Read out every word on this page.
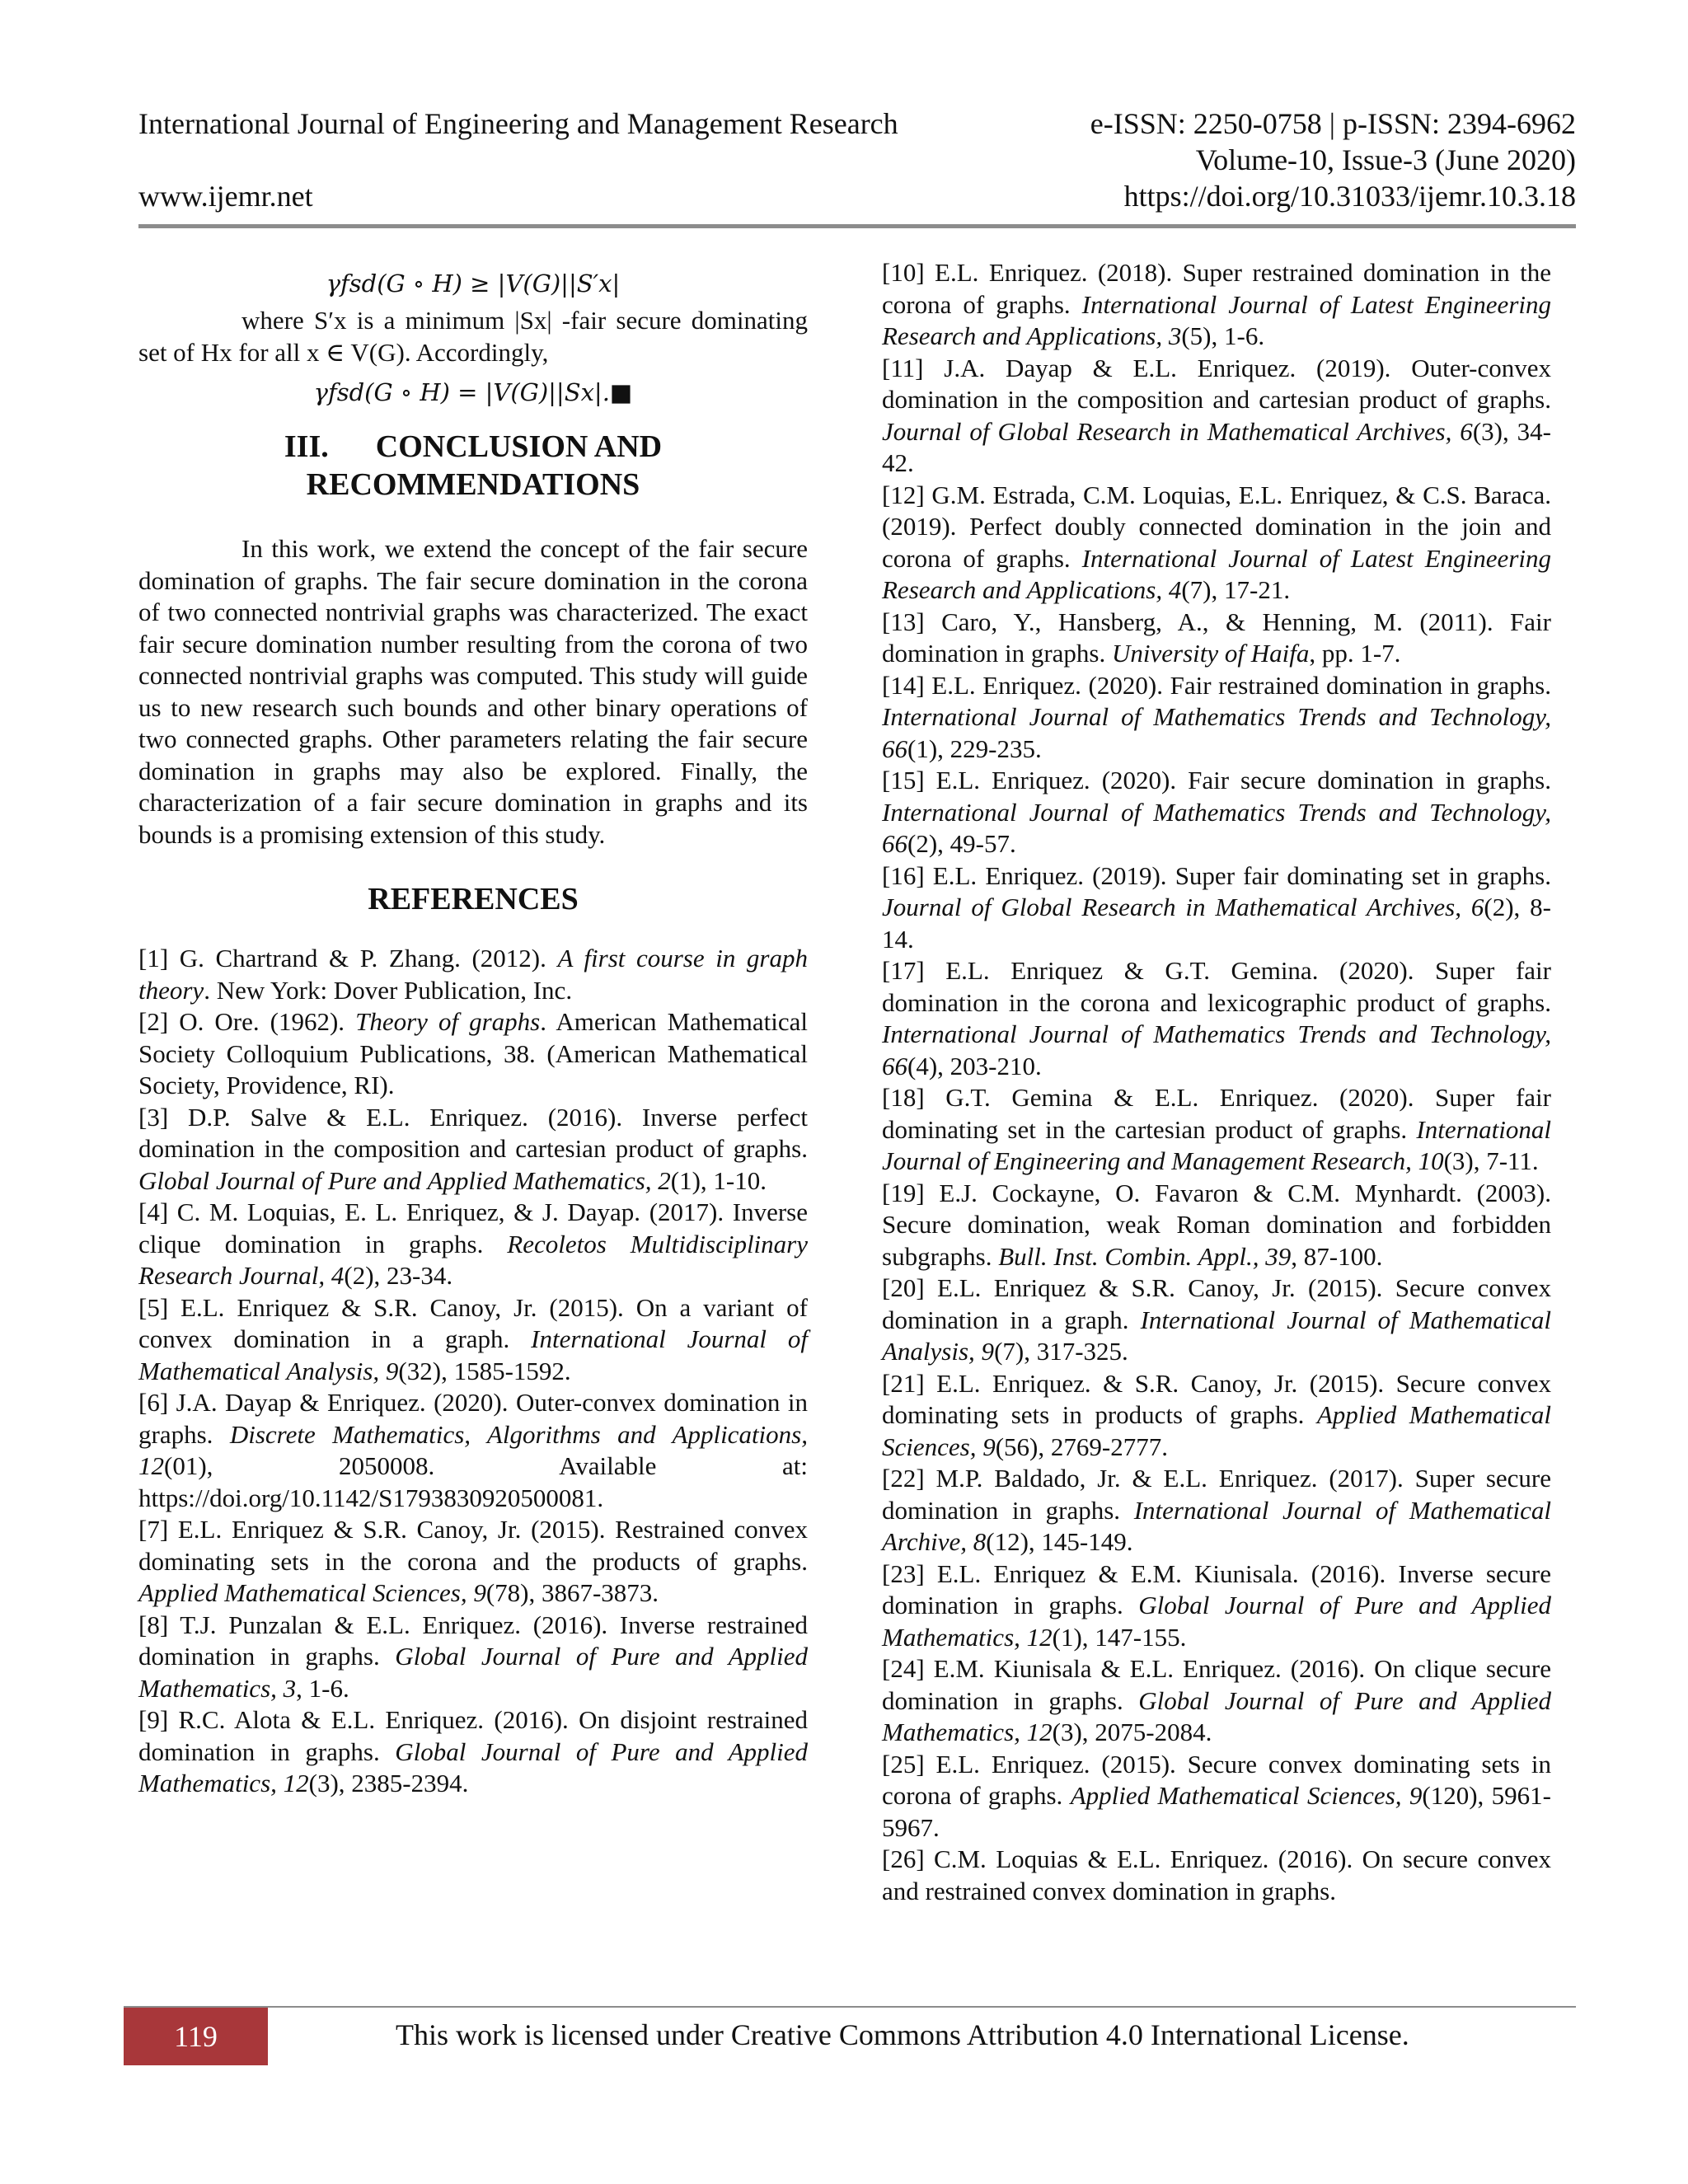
International Journal of Engineering and Management Research	e-ISSN: 2250-0758 | p-ISSN: 2394-6962
Volume-10, Issue-3 (June 2020)
www.ijemr.net	https://doi.org/10.31033/ijemr.10.3.18

γfsd(G ∘ H) ≥ |V(G)||S′x|

where S′x is a minimum |Sx| -fair secure dominating set of Hx for all x ∈ V(G). Accordingly,

γfsd(G ∘ H) = |V(G)||Sx|.■

III.      CONCLUSION AND
RECOMMENDATIONS

In this work, we extend the concept of the fair secure domination of graphs. The fair secure domination in the corona of two connected nontrivial graphs was characterized. The exact fair secure domination number resulting from the corona of two connected nontrivial graphs was computed. This study will guide us to new research such bounds and other binary operations of two connected graphs. Other parameters relating the fair secure domination in graphs may also be explored. Finally, the characterization of a fair secure domination in graphs and its bounds is a promising extension of this study.

REFERENCES

[1] G. Chartrand & P. Zhang. (2012). A first course in graph theory. New York: Dover Publication, Inc.

[2] O. Ore. (1962). Theory of graphs. American Mathematical Society Colloquium Publications, 38. (American Mathematical Society, Providence, RI).

[3] D.P. Salve & E.L. Enriquez. (2016). Inverse perfect domination in the composition and cartesian product of graphs. Global Journal of Pure and Applied Mathematics, 2(1), 1-10.

[4] C. M. Loquias, E. L. Enriquez, & J. Dayap. (2017). Inverse clique domination in graphs. Recoletos Multidisciplinary Research Journal, 4(2), 23-34.

[5] E.L. Enriquez & S.R. Canoy, Jr. (2015). On a variant of convex domination in a graph. International Journal of Mathematical Analysis, 9(32), 1585-1592.

[6] J.A. Dayap & Enriquez. (2020). Outer-convex domination in graphs. Discrete Mathematics, Algorithms and Applications, 12(01), 2050008. Available at: https://doi.org/10.1142/S1793830920500081.

[7] E.L. Enriquez & S.R. Canoy, Jr. (2015). Restrained convex dominating sets in the corona and the products of graphs. Applied Mathematical Sciences, 9(78), 3867-3873.

[8] T.J. Punzalan & E.L. Enriquez. (2016). Inverse restrained domination in graphs. Global Journal of Pure and Applied Mathematics, 3, 1-6.

[9] R.C. Alota & E.L. Enriquez. (2016). On disjoint restrained domination in graphs. Global Journal of Pure and Applied Mathematics, 12(3), 2385-2394.

[10] E.L. Enriquez. (2018). Super restrained domination in the corona of graphs. International Journal of Latest Engineering Research and Applications, 3(5), 1-6.

[11] J.A. Dayap & E.L. Enriquez. (2019). Outer-convex domination in the composition and cartesian product of graphs. Journal of Global Research in Mathematical Archives, 6(3), 34-42.

[12] G.M. Estrada, C.M. Loquias, E.L. Enriquez, & C.S. Baraca. (2019). Perfect doubly connected domination in the join and corona of graphs. International Journal of Latest Engineering Research and Applications, 4(7), 17-21.

[13] Caro, Y., Hansberg, A., & Henning, M. (2011). Fair domination in graphs. University of Haifa, pp. 1-7.

[14] E.L. Enriquez. (2020). Fair restrained domination in graphs. International Journal of Mathematics Trends and Technology, 66(1), 229-235.

[15] E.L. Enriquez. (2020). Fair secure domination in graphs. International Journal of Mathematics Trends and Technology, 66(2), 49-57.

[16] E.L. Enriquez. (2019). Super fair dominating set in graphs. Journal of Global Research in Mathematical Archives, 6(2), 8-14.

[17] E.L. Enriquez & G.T. Gemina. (2020). Super fair domination in the corona and lexicographic product of graphs. International Journal of Mathematics Trends and Technology, 66(4), 203-210.

[18] G.T. Gemina & E.L. Enriquez. (2020). Super fair dominating set in the cartesian product of graphs. International Journal of Engineering and Management Research, 10(3), 7-11.

[19] E.J. Cockayne, O. Favaron & C.M. Mynhardt. (2003). Secure domination, weak Roman domination and forbidden subgraphs. Bull. Inst. Combin. Appl., 39, 87-100.

[20] E.L. Enriquez & S.R. Canoy, Jr. (2015). Secure convex domination in a graph. International Journal of Mathematical Analysis, 9(7), 317-325.

[21] E.L. Enriquez. & S.R. Canoy, Jr. (2015). Secure convex dominating sets in products of graphs. Applied Mathematical Sciences, 9(56), 2769-2777.

[22] M.P. Baldado, Jr. & E.L. Enriquez. (2017). Super secure domination in graphs. International Journal of Mathematical Archive, 8(12), 145-149.

[23] E.L. Enriquez & E.M. Kiunisala. (2016). Inverse secure domination in graphs. Global Journal of Pure and Applied Mathematics, 12(1), 147-155.

[24] E.M. Kiunisala & E.L. Enriquez. (2016). On clique secure domination in graphs. Global Journal of Pure and Applied Mathematics, 12(3), 2075-2084.

[25] E.L. Enriquez. (2015). Secure convex dominating sets in corona of graphs. Applied Mathematical Sciences, 9(120), 5961-5967.

[26] C.M. Loquias & E.L. Enriquez. (2016). On secure convex and restrained convex domination in graphs.

119	This work is licensed under Creative Commons Attribution 4.0 International License.
